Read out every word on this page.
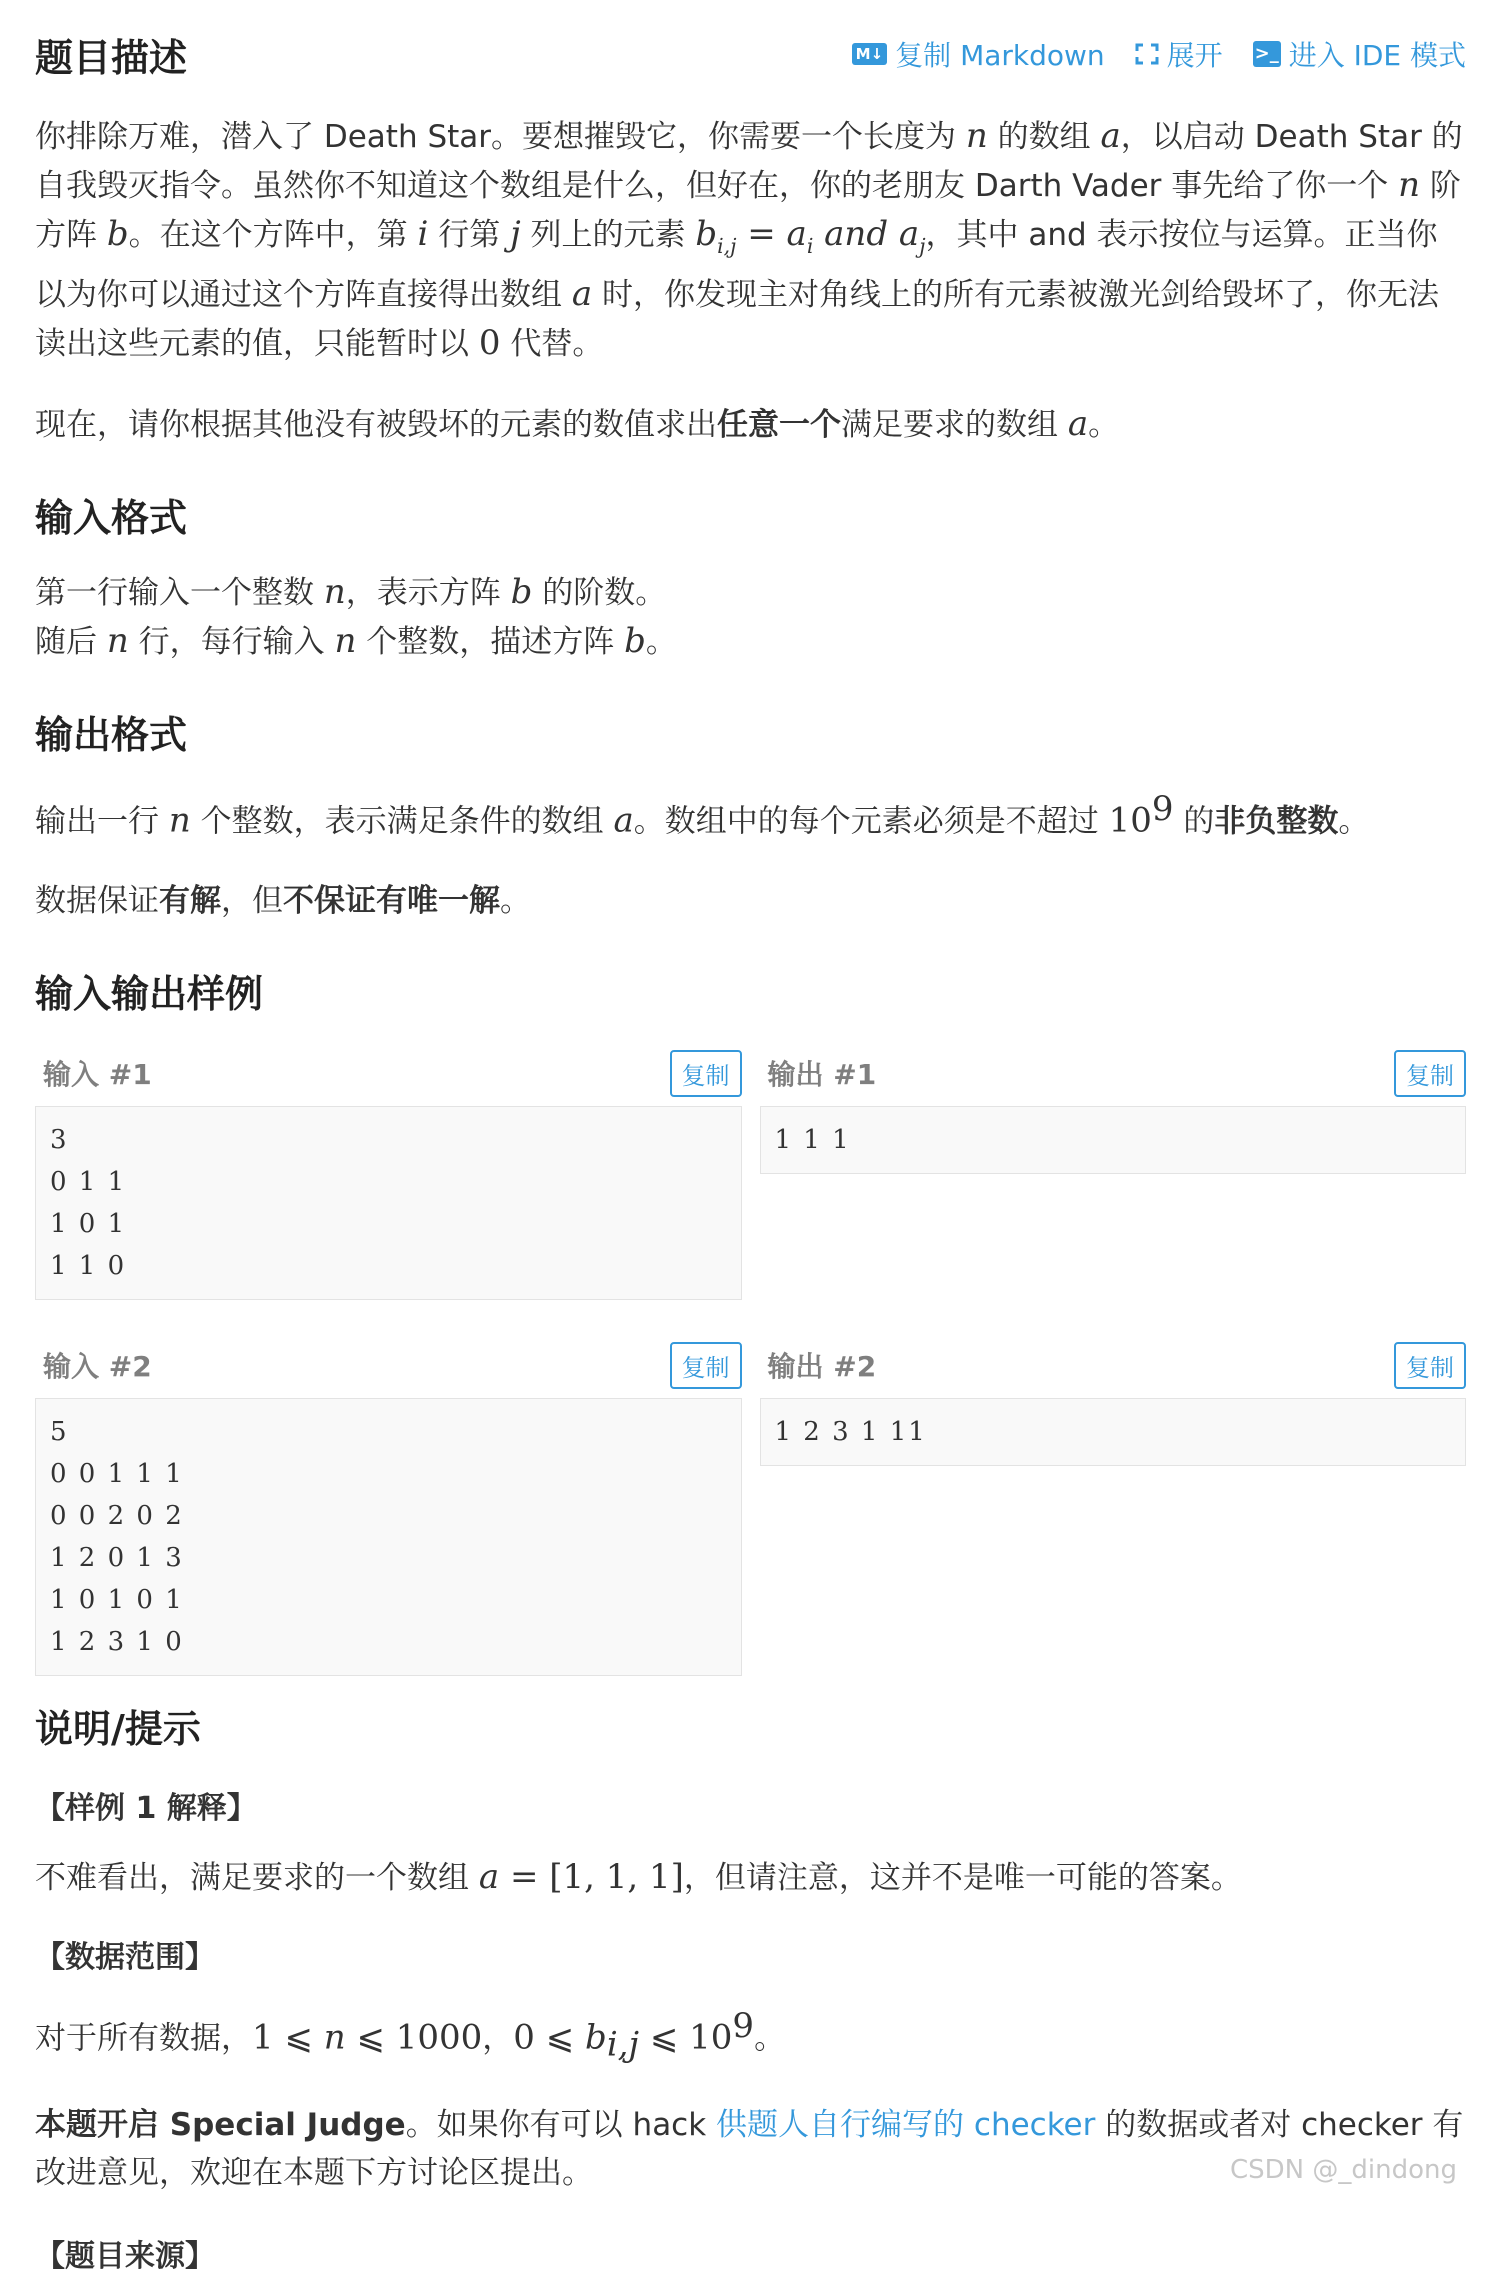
题目描述	M↓ 复制 Markdown 展开 >_ 进入 IDE 模式

你排除万难，潜入了 Death Star。要想摧毁它，你需要一个长度为 n 的数组 a，以启动 Death Star 的自我毁灭指令。虽然你不知道这个数组是什么，但好在，你的老朋友 Darth Vader 事先给了你一个 n 阶方阵 b。在这个方阵中，第 i 行第 j 列上的元素 $b_{i,j} = a_i$ and $a_j$，其中 and 表示按位与运算。正当你以为你可以通过这个方阵直接得出数组 a 时，你发现主对角线上的所有元素被激光剑给毁坏了，你无法读出这些元素的值，只能暂时以 0 代替。

现在，请你根据其他没有被毁坏的元素的数值求出任意一个满足要求的数组 a。

输入格式

第一行输入一个整数 n，表示方阵 b 的阶数。

随后 n 行，每行输入 n 个整数，描述方阵 b。

输出格式

输出一行 n 个整数，表示满足条件的数组 a。数组中的每个元素必须是不超过 $10^9$ 的非负整数。

数据保证有解，但不保证有唯一解。

输入输出样例
输入 #1	复制
3
0 1 1
1 0 1
1 1 0
输出 #1	复制
1 1 1
输入 #2	复制
5
0 0 1 1 1
0 0 2 0 2
1 2 0 1 3
1 0 1 0 1
1 2 3 1 0
输出 #2	复制
1 2 3 1 11
说明/提示
【样例 1 解释】

不难看出，满足要求的一个数组 a = [1, 1, 1]，但请注意，这并不是唯一可能的答案。

【数据范围】

对于所有数据，1 ⩽ n ⩽ 1000，0 ⩽ $b_{i,j}$ ⩽ $10^9$。

本题开启 Special Judge。如果你有可以 hack 供题人自行编写的 checker 的数据或者对 checker 有改进意见，欢迎在本题下方讨论区提出。

【题目来源】
CSDN @_dindong
